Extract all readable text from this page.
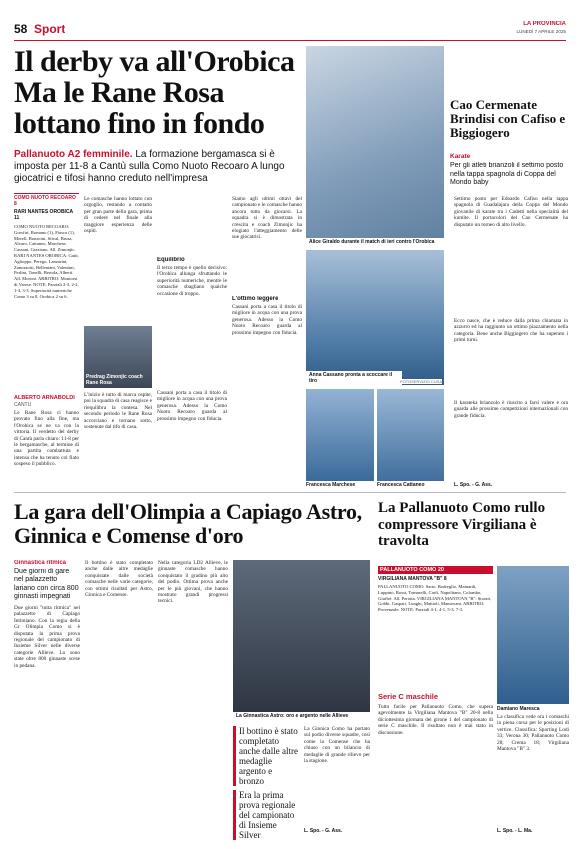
58 Sport	LA PROVINCIA
LUNEDÌ 7 APRILE 2025
Il derby va all'Orobica Ma le Rane Rosa lottano fino in fondo
Pallanuoto A2 femminile. La formazione bergamasca si è imposta per 11-8 a Cantù sulla Como Nuoto Recoaro A lungo giocatrici e tifosi hanno creduto nell'impresa
COMO NUOTO RECOARO 8
RARI NANTES OROBICA 11
COMO NUOTO RECOARO: Grosfiri, Romano (1), Fiasco (1), Morell, Bonacini, Stival, Brusa, Alvaro, Cattaneo, Marchese, Cassani, Graziano. All. Zimonjic. RARI NANTES OROBICA: Gatti, Aglioppo, Perego, Lanzarini, Zanozzotti, Bellentani, Valentini, Perlini, Tonelli, Bertola, Alberti. All. Moroni. ARBITRO: Montorsi di Varese. NOTE: Parziali 2-3, 2-2, 1-3, 3-3. Superiorità numeriche Como 3 su 8, Orobica 2 su 6.
ALBERTO ARNABOLDI
CANTÙ
Le Rane Rosa ci hanno provato fino alla fine, ma l'Orobica se ne va con la vittoria. Il verdetto del derby di Cantù parla chiaro: 11-8 per le bergamasche, al termine di una partita combattuta e intensa che ha tenuto col fiato sospeso il pubblico.
Le comasche hanno lottato con orgoglio, restando a contatto per gran parte della gara, prima di cedere nel finale alla maggiore esperienza delle ospiti.
Predrag Zimonjic coach Rane Rosa
L'inizio è tutto di marca ospite, poi la squadra di casa reagisce e riequilibra la contesa. Nel secondo periodo le Rane Rosa accorciano e tornano sotto, sostenute dal tifo di casa.
Equilibrio
Il terzo tempo è quello decisivo: l'Orobica allunga sfruttando le superiorità numeriche, mentre le comasche sbagliano qualche occasione di troppo.
Cassani porta a casa il titolo di migliore in acqua con una prova generosa. Adesso la Como Nuoto Recoaro guarda al prossimo impegno con fiducia.
Siamo agli ultimi ottavi del campionato e le comasche hanno ancora tutto da giocarsi. La squadra si è dimostrata in crescita e coach Zimonjic ha elogiato l'atteggiamento delle sue giocatrici.
L'ottimo leggere
Cassani porta a casa il titolo di migliore in acqua con una prova generosa. Adesso la Como Nuoto Recoaro guarda al prossimo impegno con fiducia.
Alice Giraldo durante il match di ieri contro l'Orobica
Anna Cassano pronta a scoccare il tiro	FOTOSERVIZIO CUSA
Francesca Marchese	Francesca Cattaneo
Cao Cermenate Brindisi con Cafiso e Biggiogero
Karate
Per gli atleti brianzoli il settimo posto nella tappa spagnola di Coppa del Mondo baby
Settimo posto per Edoardo Cafiso nella tappa spagnola di Guadalajara della Coppa del Mondo giovanile di karate tra i Cadetti nella specialità del kumite. Il portacolori del Cao Cermenate ha disputato un torneo di alto livello.
Ecco nasce, che è reduce dalla prima chiamata in azzurro ed ha raggiunto un ottimo piazzamento nella categoria. Bene anche Biggiogero che ha superato i primi turni.
Il karateka brianzolo è riuscito a farsi valere e ora guarda alle prossime competizioni internazionali con grande fiducia.
L. Spo. - G. Ass.
La gara dell'Olimpia a Capiago Astro, Ginnica e Comense d'oro
Ginnastica ritmica
Due giorni di gare nel palazzetto lariano con circa 800 ginnasti impegnati
Due giorni "tutta ritmica" nel palazzetto di Capiago Intimiano. Con la regia della Gr Olimpia Como si è disputata la prima prova regionale del campionato di Insieme Silver nelle diverse categorie Allieve. Lo sono state oltre 800 ginnaste scese in pedana.
Il bottino è stato completato anche dalle altre medaglie conquistate dalle società comasche nelle varie categorie, con ottimi risultati per Astro, Ginnica e Comense.
Nella categoria LD2 Allieve, le ginnaste comasche hanno conquistato il gradino più alto del podio. Ottima prova anche per le più giovani, che hanno mostrato grandi progressi tecnici.
La Ginnastica Astro: oro e argento nelle Allieve
Il bottino è stato completato anche dalle altre medaglie argento e bronzo
Era la prima prova regionale del campionato di Insieme Silver
La Ginnica Como ha portato sul podio diverse squadre, così come la Comense che ha chiuso con un bilancio di medaglie di grande rilievo per la stagione.
L. Spo. - G. Ass.
La Pallanuoto Como rullo compressore Virgiliana è travolta
PALLANUOTO COMO 20
VIRGILIANA MANTOVA "B" 8
PALLANUOTO COMO: Sarto, Bodreglio, Mainardi, Luppino, Rossi, Tomaselli, Carfi, Napolitano, Colombo, Giuffrè. All. Perotta. VIRGILIANA MANTOVA "B": Storari, Gobbi, Gaspari, Lunghi, Mattioli, Mantovani. ARBITRO: Provenzale. NOTE: Parziali 4-1, 4-1, 5-3, 7-3.
Serie C maschile
Tutto facile per Pallanuoto Como, che supera agevolmente la Virgiliana Mantova "B" 20-8 nella diciottesima giornata del girone 1 del campionato di serie C maschile. Il risultato non è mai stato in discussione.
Damiano Maresca
La classifica vede ora i comaschi in piena corsa per le posizioni di vertice. Classifica: Sporting Lodi 33; Verona 30; Pallanuoto Como 28; Crema 18; Virgiliana Mantova "B" 3.
L. Spo. - L. Ma.
